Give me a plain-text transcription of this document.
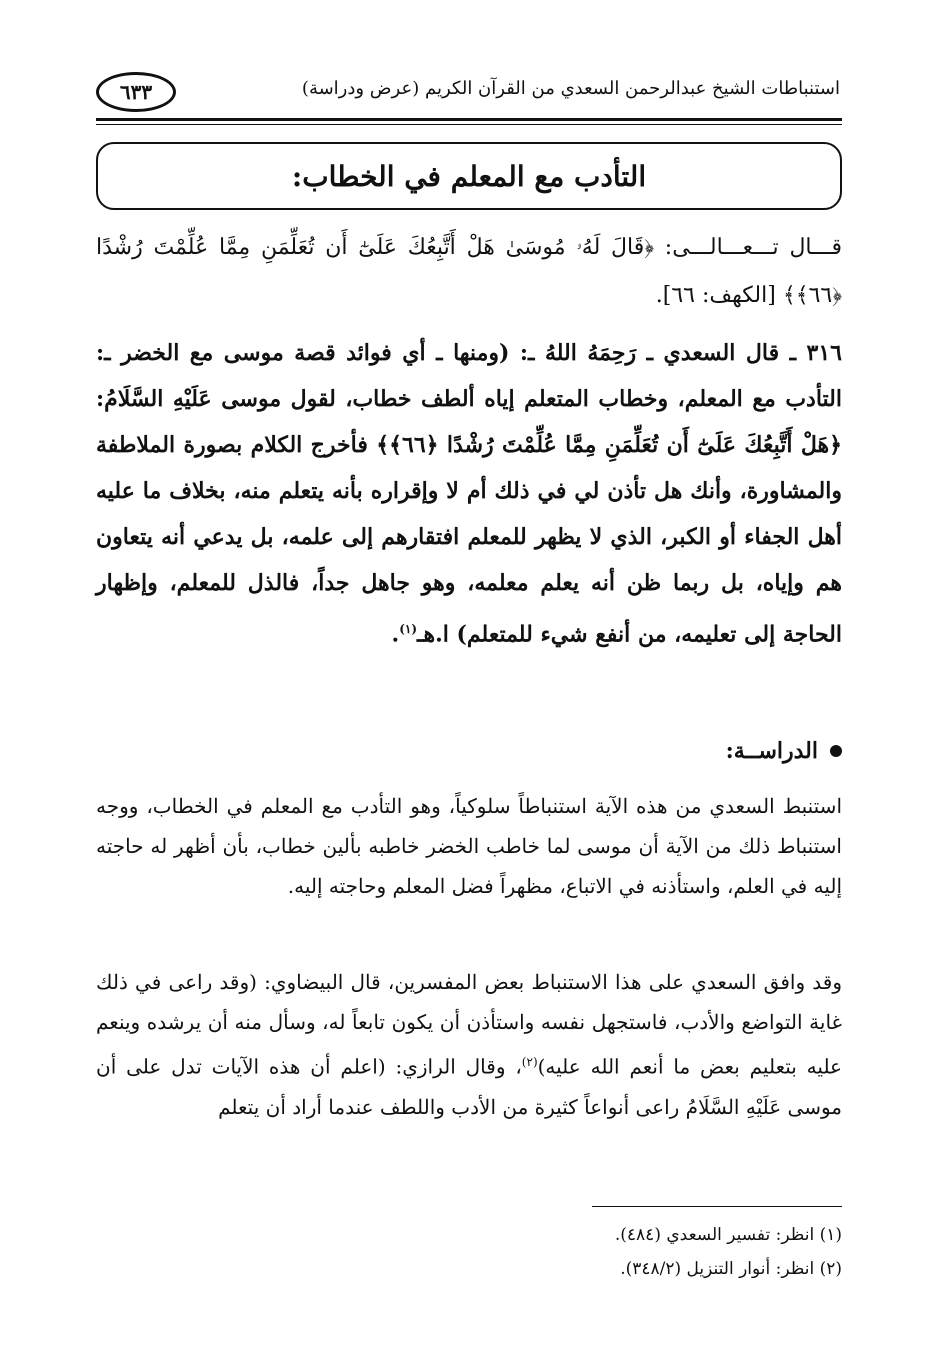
استنباطات الشيخ عبدالرحمن السعدي من القرآن الكريم (عرض ودراسة)
٦٣٣
التأدب مع المعلم في الخطاب:
قـــال تـــعـــالـــى: ﴿قَالَ لَهُۥ مُوسَىٰ هَلْ أَتَّبِعُكَ عَلَىٰٓ أَن تُعَلِّمَنِ مِمَّا عُلِّمْتَ رُشْدًا ﴿٦٦﴾﴾ [الكهف: ٦٦].
٣١٦ ـ قال السعدي ـ رَحِمَهُ اللهُ ـ: (ومنها ـ أي فوائد قصة موسى مع الخضر ـ: التأدب مع المعلم، وخطاب المتعلم إياه ألطف خطاب، لقول موسى عَلَيْهِ السَّلَامُ: ﴿هَلْ أَتَّبِعُكَ عَلَىٰٓ أَن تُعَلِّمَنِ مِمَّا عُلِّمْتَ رُشْدًا ﴿٦٦﴾﴾ فأخرج الكلام بصورة الملاطفة والمشاورة، وأنك هل تأذن لي في ذلك أم لا وإقراره بأنه يتعلم منه، بخلاف ما عليه أهل الجفاء أو الكبر، الذي لا يظهر للمعلم افتقارهم إلى علمه، بل يدعي أنه يتعاون هم وإياه، بل ربما ظن أنه يعلم معلمه، وهو جاهل جداً، فالذل للمعلم، وإظهار الحاجة إلى تعليمه، من أنفع شيء للمتعلم) ا.هـ$^{(١)}$.
الدراســة:
استنبط السعدي من هذه الآية استنباطاً سلوكياً، وهو التأدب مع المعلم في الخطاب، ووجه استنباط ذلك من الآية أن موسى لما خاطب الخضر خاطبه بألين خطاب، بأن أظهر له حاجته إليه في العلم، واستأذنه في الاتباع، مظهراً فضل المعلم وحاجته إليه.
وقد وافق السعدي على هذا الاستنباط بعض المفسرين، قال البيضاوي: (وقد راعى في ذلك غاية التواضع والأدب، فاستجهل نفسه واستأذن أن يكون تابعاً له، وسأل منه أن يرشده وينعم عليه بتعليم بعض ما أنعم الله عليه)$^{(٢)}$، وقال الرازي: (اعلم أن هذه الآيات تدل على أن موسى عَلَيْهِ السَّلَامُ راعى أنواعاً كثيرة من الأدب واللطف عندما أراد أن يتعلم
(١) انظر: تفسير السعدي (٤٨٤).
(٢) انظر: أنوار التنزيل (٣٤٨/٢).
